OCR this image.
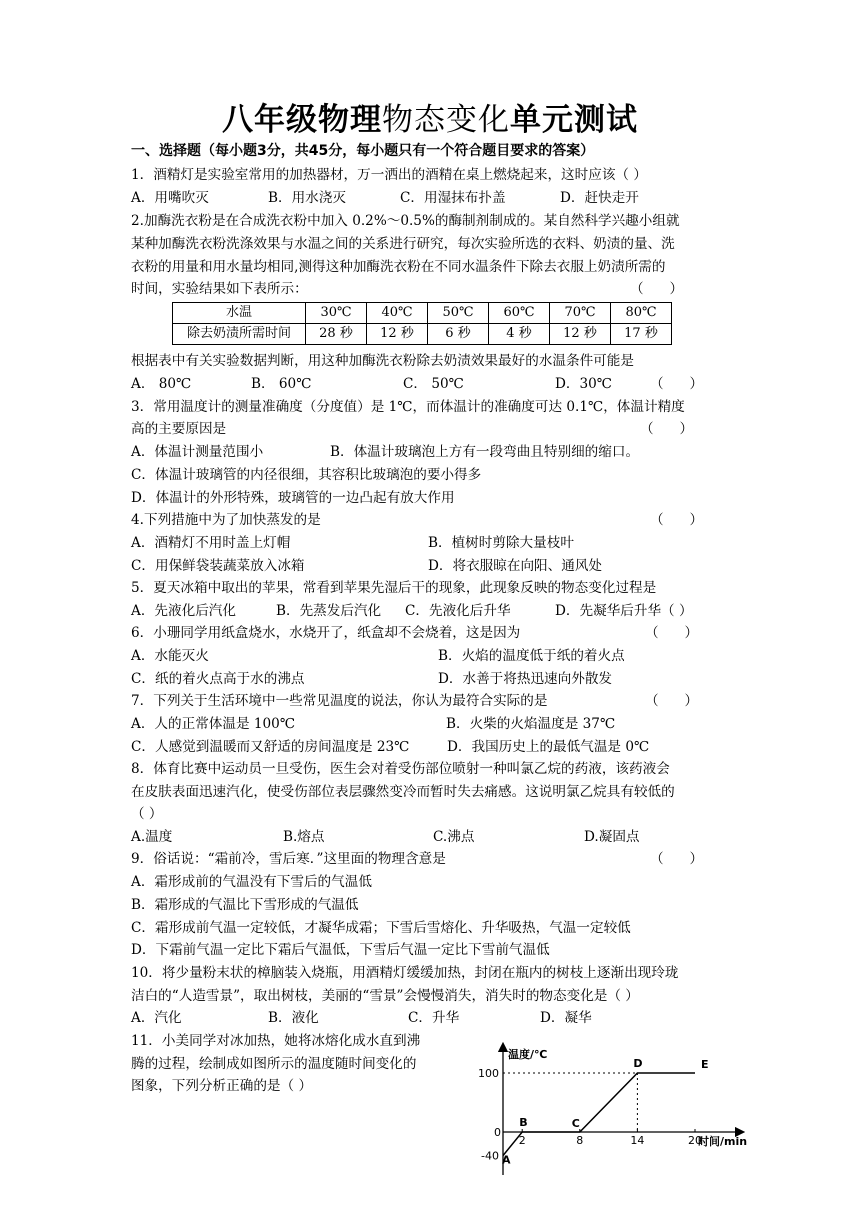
八年级物理物态变化单元测试
一、选择题（每小题3分，共45分，每小题只有一个符合题目要求的答案）
1．酒精灯是实验室常用的加热器材，万一洒出的酒精在桌上燃烧起来，这时应该（ ）
A．用嘴吹灭	B．用水浇灭	C．用湿抹布扑盖	D．赶快走开
2.加酶洗衣粉是在合成洗衣粉中加入 0.2%～0.5%的酶制剂制成的。某自然科学兴趣小组就
某种加酶洗衣粉洗涤效果与水温之间的关系进行研究，每次实验所选的衣料、奶渍的量、洗
衣粉的用量和用水量均相同,测得这种加酶洗衣粉在不同水温条件下除去衣服上奶渍所需的
时间，实验结果如下表所示：	（      ）
水温	30℃	40℃	50℃	60℃	70℃	80℃
除去奶渍所需时间	28 秒	12 秒	6 秒	4 秒	12 秒	17 秒
根据表中有关实验数据判断，用这种加酶洗衣粉除去奶渍效果最好的水温条件可能是
A． 80℃	B． 60℃	C． 50℃	D．30℃	（      ）
3．常用温度计的测量准确度（分度值）是 1℃，而体温计的准确度可达 0.1℃，体温计精度
高的主要原因是	（      ）
A．体温计测量范围小	B．体温计玻璃泡上方有一段弯曲且特别细的缩口。
C．体温计玻璃管的内径很细，其容积比玻璃泡的要小得多
D．体温计的外形特殊，玻璃管的一边凸起有放大作用
4.下列措施中为了加快蒸发的是	（      ）
A．酒精灯不用时盖上灯帽	B．植树时剪除大量枝叶
C．用保鲜袋装蔬菜放入冰箱	D．将衣服晾在向阳、通风处
5．夏天冰箱中取出的苹果，常看到苹果先湿后干的现象，此现象反映的物态变化过程是
A．先液化后汽化	B．先蒸发后汽化 C．先液化后升华	D．先凝华后升华（ ）
6．小珊同学用纸盒烧水，水烧开了，纸盒却不会烧着，这是因为	（      ）
A．水能灭火	B．火焰的温度低于纸的着火点
C．纸的着火点高于水的沸点	D．水善于将热迅速向外散发
7．下列关于生活环境中一些常见温度的说法，你认为最符合实际的是	（      ）
A．人的正常体温是 100℃	B．火柴的火焰温度是 37℃
C．人感觉到温暖而又舒适的房间温度是 23℃	D．我国历史上的最低气温是 0℃
8．体育比赛中运动员一旦受伤，医生会对着受伤部位喷射一种叫氯乙烷的药液，该药液会
在皮肤表面迅速汽化，使受伤部位表层骤然变冷而暂时失去痛感。这说明氯乙烷具有较低的
（ ）
A.温度	B.熔点	C.沸点	D.凝固点
9．俗话说：“霜前冷，雪后寒．”这里面的物理含意是	（      ）
A．霜形成前的气温没有下雪后的气温低
B．霜形成的气温比下雪形成的气温低
C．霜形成前气温一定较低，才凝华成霜；下雪后雪熔化、升华吸热，气温一定较低
D．下霜前气温一定比下霜后气温低，下雪后气温一定比下雪前气温低
10．将少量粉末状的樟脑装入烧瓶，用酒精灯缓缓加热，封闭在瓶内的树枝上逐渐出现玲珑
洁白的“人造雪景”，取出树枝，美丽的“雪景”会慢慢消失，消失时的物态变化是（ ）
A．汽化	B．液化	C．升华	D．凝华
11．小美同学对冰加热，她将冰熔化成水直到沸
腾的过程，绘制成如图所示的温度随时间变化的
图象，下列分析正确的是（ ）
温度/℃
时间/min
0
100
-40
2	8	14	20
A
B	C
D	E
